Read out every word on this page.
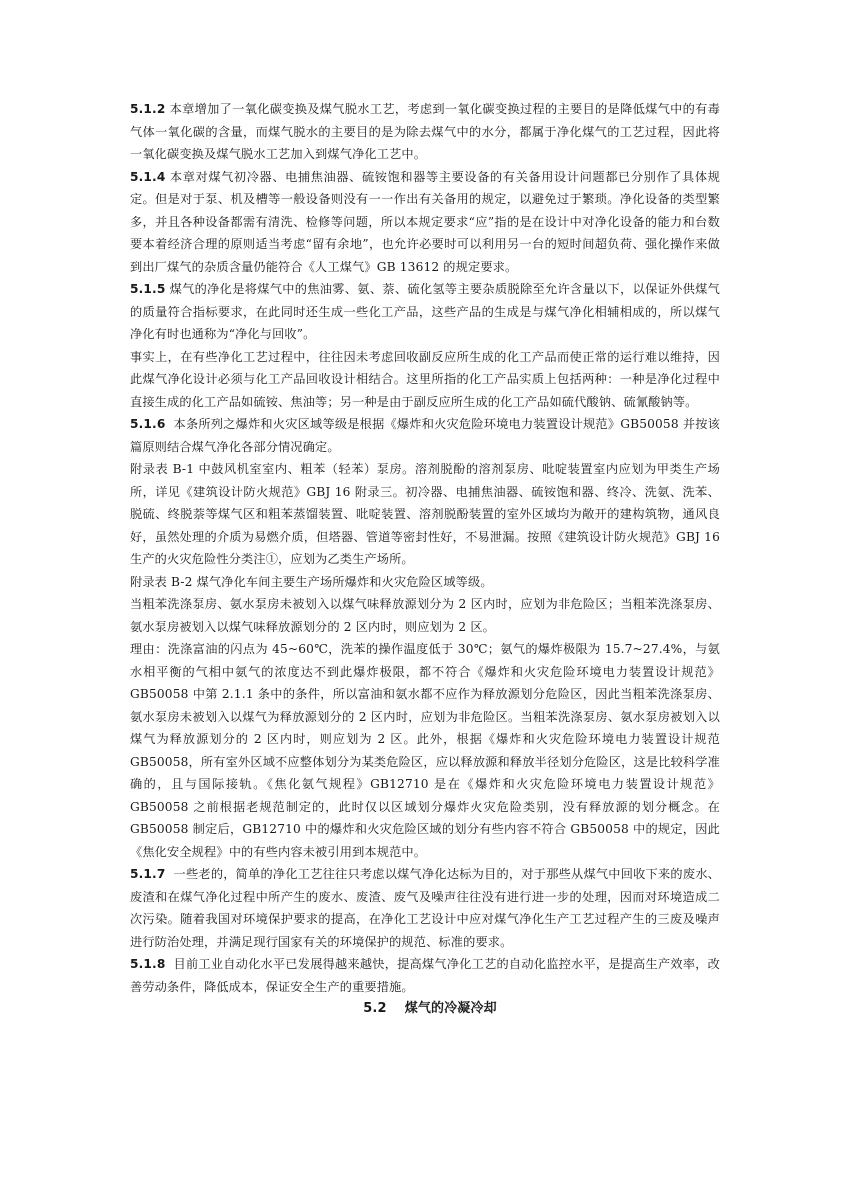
5.1.2 本章增加了一氧化碳变换及煤气脱水工艺，考虑到一氧化碳变换过程的主要目的是降低煤气中的有毒气体一氧化碳的含量，而煤气脱水的主要目的是为除去煤气中的水分，都属于净化煤气的工艺过程，因此将一氧化碳变换及煤气脱水工艺加入到煤气净化工艺中。

5.1.4 本章对煤气初冷器、电捕焦油器、硫铵饱和器等主要设备的有关备用设计问题都已分别作了具体规定。但是对于泵、机及槽等一般设备则没有一一作出有关备用的规定，以避免过于繁琐。净化设备的类型繁多，并且各种设备都需有清洗、检修等问题，所以本规定要求“应”指的是在设计中对净化设备的能力和台数要本着经济合理的原则适当考虑“留有余地”，也允许必要时可以利用另一台的短时间超负荷、强化操作来做到出厂煤气的杂质含量仍能符合《人工煤气》GB 13612 的规定要求。

5.1.5 煤气的净化是将煤气中的焦油雾、氨、萘、硫化氢等主要杂质脱除至允许含量以下，以保证外供煤气的质量符合指标要求，在此同时还生成一些化工产品，这些产品的生成是与煤气净化相辅相成的，所以煤气净化有时也通称为“净化与回收”。

事实上，在有些净化工艺过程中，往往因未考虑回收副反应所生成的化工产品而使正常的运行难以维持，因此煤气净化设计必须与化工产品回收设计相结合。这里所指的化工产品实质上包括两种：一种是净化过程中直接生成的化工产品如硫铵、焦油等；另一种是由于副反应所生成的化工产品如硫代酸钠、硫氰酸钠等。

5.1.6 本条所列之爆炸和火灾区域等级是根据《爆炸和火灾危险环境电力装置设计规范》GB50058 并按该篇原则结合煤气净化各部分情况确定。

附录表 B-1 中鼓风机室室内、粗苯（轻苯）泵房。溶剂脱酚的溶剂泵房、吡啶装置室内应划为甲类生产场所，详见《建筑设计防火规范》GBJ 16 附录三。初冷器、电捕焦油器、硫铵饱和器、终冷、洗氨、洗苯、脱硫、终脱萘等煤气区和粗苯蒸馏装置、吡啶装置、溶剂脱酚装置的室外区域均为敞开的建构筑物，通风良好，虽然处理的介质为易燃介质，但塔器、管道等密封性好，不易泄漏。按照《建筑设计防火规范》GBJ 16 生产的火灾危险性分类注①，应划为乙类生产场所。

附录表 B-2 煤气净化车间主要生产场所爆炸和火灾危险区域等级。

当粗苯洗涤泵房、氨水泵房未被划入以煤气味释放源划分为 2 区内时，应划为非危险区；当粗苯洗涤泵房、氨水泵房被划入以煤气味释放源划分的 2 区内时，则应划为 2 区。

理由：洗涤富油的闪点为 45~60℃，洗苯的操作温度低于 30℃；氨气的爆炸极限为 15.7~27.4%，与氨水相平衡的气相中氨气的浓度达不到此爆炸极限，都不符合《爆炸和火灾危险环境电力装置设计规范》GB50058 中第 2.1.1 条中的条件，所以富油和氨水都不应作为释放源划分危险区，因此当粗苯洗涤泵房、氨水泵房未被划入以煤气为释放源划分的 2 区内时，应划为非危险区。当粗苯洗涤泵房、氨水泵房被划入以煤气为释放源划分的 2 区内时，则应划为 2 区。此外，根据《爆炸和火灾危险环境电力装置设计规范 GB50058，所有室外区域不应整体划分为某类危险区，应以释放源和释放半径划分危险区，这是比较科学准确的，且与国际接轨。《焦化氨气规程》GB12710 是在《爆炸和火灾危险环境电力装置设计规范》GB50058 之前根据老规范制定的，此时仅以区域划分爆炸火灾危险类别，没有释放源的划分概念。在 GB50058 制定后，GB12710 中的爆炸和火灾危险区域的划分有些内容不符合 GB50058 中的规定，因此《焦化安全规程》中的有些内容未被引用到本规范中。

5.1.7 一些老的，简单的净化工艺往往只考虑以煤气净化达标为目的，对于那些从煤气中回收下来的废水、废渣和在煤气净化过程中所产生的废水、废渣、废气及噪声往往没有进行进一步的处理，因而对环境造成二次污染。随着我国对环境保护要求的提高，在净化工艺设计中应对煤气净化生产工艺过程产生的三废及噪声进行防治处理，并满足现行国家有关的环境保护的规范、标准的要求。

5.1.8 目前工业自动化水平已发展得越来越快，提高煤气净化工艺的自动化监控水平，是提高生产效率，改善劳动条件，降低成本，保证安全生产的重要措施。

5.2 煤气的冷凝冷却
